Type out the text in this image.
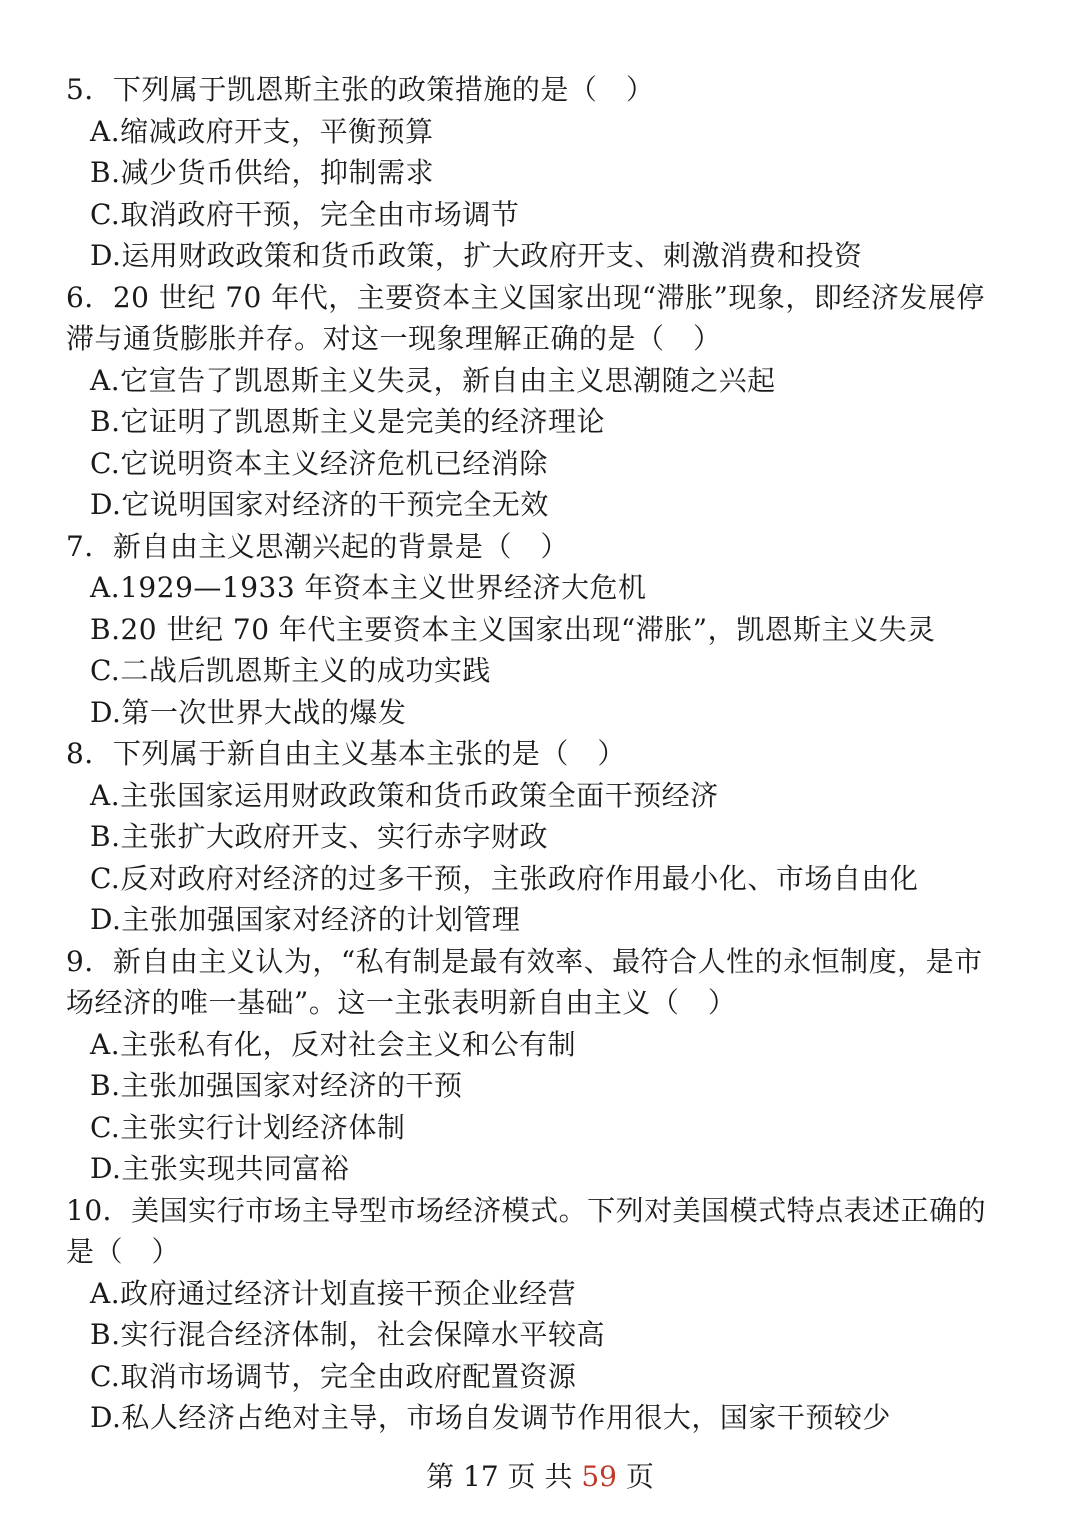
5．下列属于凯恩斯主张的政策措施的是（　）
A.缩减政府开支，平衡预算
B.减少货币供给，抑制需求
C.取消政府干预，完全由市场调节
D.运用财政政策和货币政策，扩大政府开支、刺激消费和投资
6．20 世纪 70 年代，主要资本主义国家出现“滞胀”现象，即经济发展停
滞与通货膨胀并存。对这一现象理解正确的是（　）
A.它宣告了凯恩斯主义失灵，新自由主义思潮随之兴起
B.它证明了凯恩斯主义是完美的经济理论
C.它说明资本主义经济危机已经消除
D.它说明国家对经济的干预完全无效
7．新自由主义思潮兴起的背景是（　）
A.1929—1933 年资本主义世界经济大危机
B.20 世纪 70 年代主要资本主义国家出现“滞胀”，凯恩斯主义失灵
C.二战后凯恩斯主义的成功实践
D.第一次世界大战的爆发
8．下列属于新自由主义基本主张的是（　）
A.主张国家运用财政政策和货币政策全面干预经济
B.主张扩大政府开支、实行赤字财政
C.反对政府对经济的过多干预，主张政府作用最小化、市场自由化
D.主张加强国家对经济的计划管理
9．新自由主义认为，“私有制是最有效率、最符合人性的永恒制度，是市
场经济的唯一基础”。这一主张表明新自由主义（　）
A.主张私有化，反对社会主义和公有制
B.主张加强国家对经济的干预
C.主张实行计划经济体制
D.主张实现共同富裕
10．美国实行市场主导型市场经济模式。下列对美国模式特点表述正确的
是（　）
A.政府通过经济计划直接干预企业经营
B.实行混合经济体制，社会保障水平较高
C.取消市场调节，完全由政府配置资源
D.私人经济占绝对主导，市场自发调节作用很大，国家干预较少
第 17 页 共 59 页
